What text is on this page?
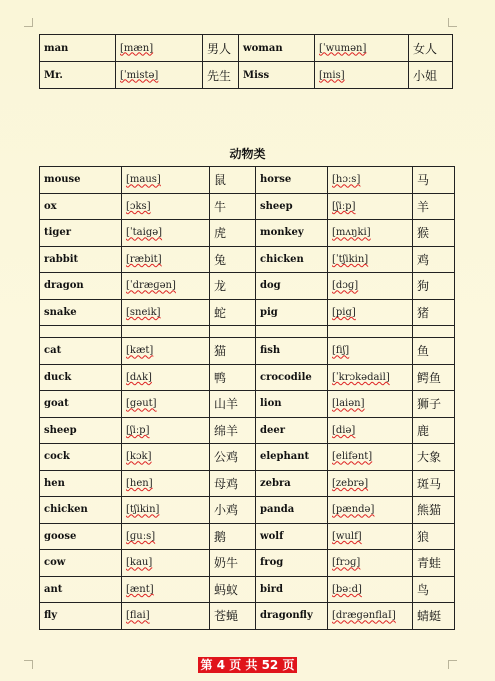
man	[mæn]	男人	woman	[ˈwumən]	女人
Mr.	[ˈmistə]	先生	Miss	[mis]	小姐
动物类
mouse	[maus]	鼠	horse	[hɔːs]	马
ox	[ɔks]	牛	sheep	[ʃiːp]	羊
tiger	[ˈtaigə]	虎	monkey	[mʌŋki]	猴
rabbit	[ræbit]	兔	chicken	[ˈtʃikin]	鸡
dragon	[ˈdræɡən]	龙	dog	[dɔɡ]	狗
snake	[sneik]	蛇	pig	[pig]	猪

cat	[kæt]	猫	fish	[fiʃ]	鱼
duck	[dʌk]	鸭	crocodile	[ˈkrɔkədail]	鳄鱼
goat	[gəut]	山羊	lion	[laiən]	狮子
sheep	[ʃiːp]	绵羊	deer	[diə]	鹿
cock	[kɔk]	公鸡	elephant	[elifənt]	大象
hen	[hen]	母鸡	zebra	[zebrə]	斑马
chicken	[tʃikin]	小鸡	panda	[pændə]	熊猫
goose	[ɡuːs]	鹅	wolf	[wulf]	狼
cow	[kau]	奶牛	frog	[frɔɡ]	青蛙
ant	[ænt]	蚂蚁	bird	[bəːd]	鸟
fly	[flai]	苍蝇	dragonfly	[drægənflaI]	蜻蜓
第 4 页 共 52 页
